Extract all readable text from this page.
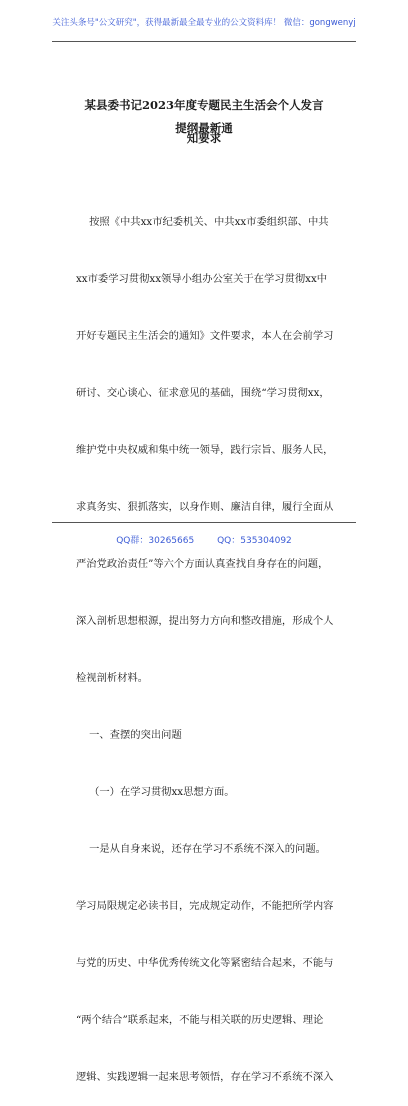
关注头条号"公文研究"，获得最新最全最专业的公文资料库！ 微信：gongwenyj
某县委书记2023年度专题民主生活会个人发言提纲最新通
知要求

按照《中共xx市纪委机关、中共xx市委组织部、中共

xx市委学习贯彻xx领导小组办公室关于在学习贯彻xx中

开好专题民主生活会的通知》文件要求，本人在会前学习

研讨、交心谈心、征求意见的基础，围绕“学习贯彻xx，

维护党中央权威和集中统一领导，践行宗旨、服务人民，

求真务实、狠抓落实，以身作则、廉洁自律，履行全面从

严治党政治责任”等六个方面认真查找自身存在的问题，

深入剖析思想根源，提出努力方向和整改措施，形成个人

检视剖析材料。

一、查摆的突出问题

（一）在学习贯彻xx思想方面。

一是从自身来说，还存在学习不系统不深入的问题。

学习局限规定必读书目，完成规定动作，不能把所学内容

与党的历史、中华优秀传统文化等紧密结合起来，不能与

“两个结合”联系起来，不能与相关联的历史逻辑、理论

逻辑、实践逻辑一起来思考领悟，存在学习不系统不深入

QQ群：30265665	QQ：535304092
